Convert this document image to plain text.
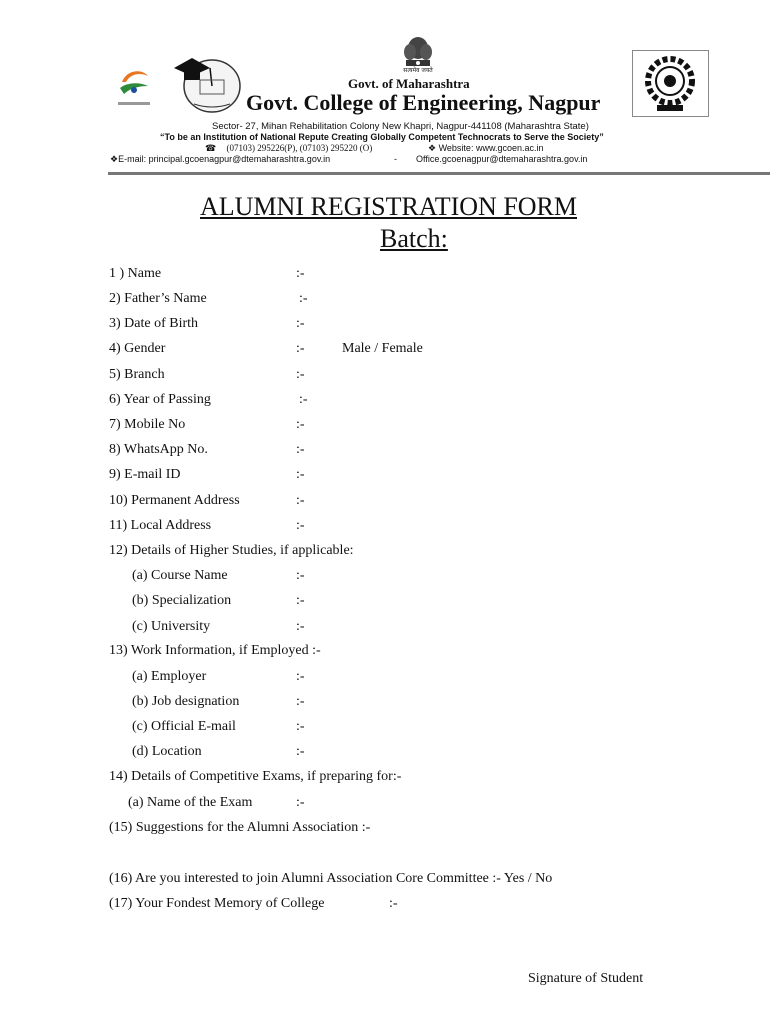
सत्यमेव जयते
Govt. of Maharashtra
Govt. College of Engineering, Nagpur
Sector- 27, Mihan Rehabilitation Colony New Khapri, Nagpur-441108 (Maharashtra State)
“To be an Institution of National Repute Creating Globally Competent Technocrats to Serve the Society”
☎ (07103) 295226(P), (07103) 295220 (O)	❖ Website: www.gcoen.ac.in
❖E-mail: principal.gcoenagpur@dtemaharashtra.gov.in	- Office.gcoenagpur@dtemaharashtra.gov.in
ALUMNI REGISTRATION FORM
Batch:
1 ) Name	:-
2) Father’s Name	:-
3) Date of Birth	:-
4) Gender	:-	Male / Female
5) Branch	:-
6) Year of Passing	:-
7) Mobile No	:-
8) WhatsApp No.	:-
9) E-mail ID	:-
10) Permanent Address	:-
11) Local Address	:-
12) Details of Higher Studies, if applicable:
(a) Course Name	:-
(b) Specialization	:-
(c) University	:-
13) Work Information, if Employed :-
(a) Employer	:-
(b) Job designation	:-
(c) Official E-mail	:-
(d) Location	:-
14) Details of Competitive Exams, if preparing for:-
(a) Name of the Exam	:-
(15) Suggestions for the Alumni Association :-
(16) Are you interested to join Alumni Association Core Committee :- Yes / No
(17) Your Fondest Memory of College	:-
Signature of Student
